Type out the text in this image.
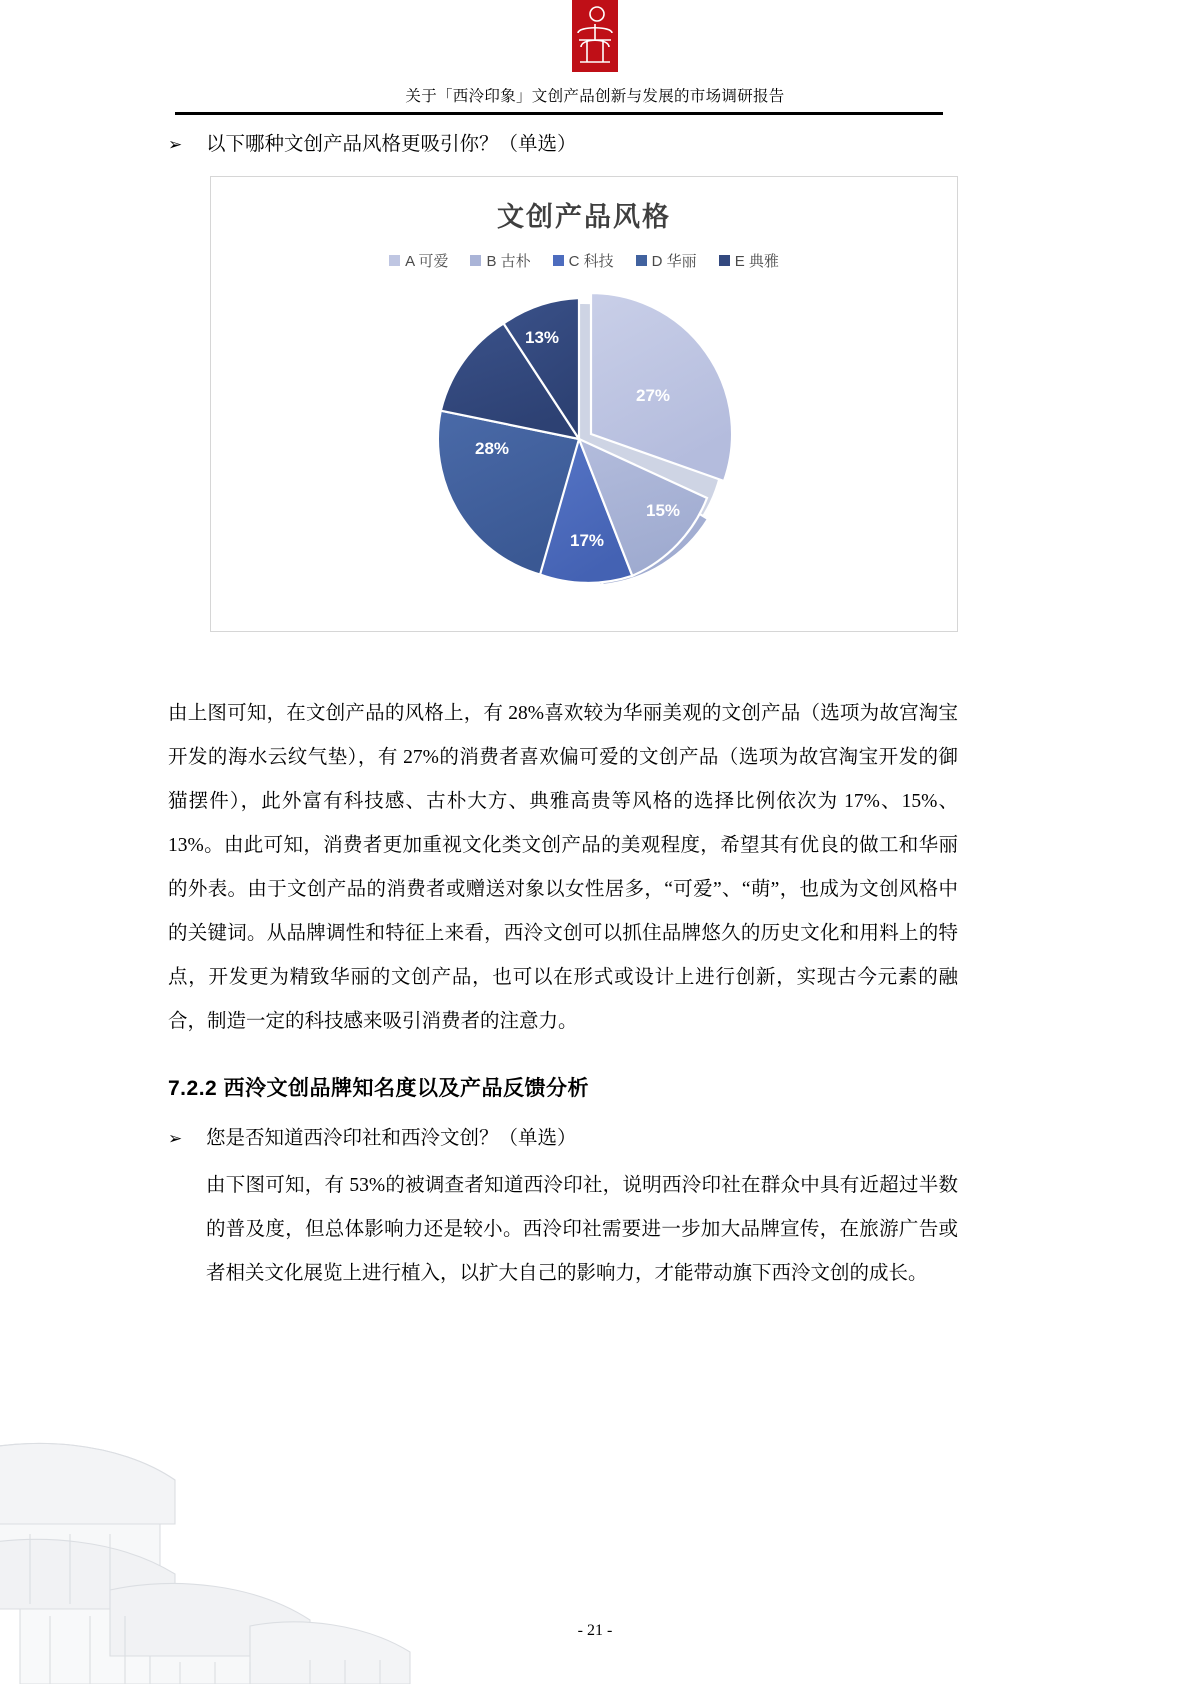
关于「西泠印象」文创产品创新与发展的市场调研报告
➢	以下哪种文创产品风格更吸引你？（单选）
文创产品风格
A 可爱	B 古朴	C 科技	D 华丽	E 典雅
27%
15%
17%
28%
13%

由上图可知，在文创产品的风格上，有 28%喜欢较为华丽美观的文创产品（选项为故宫淘宝开发的海水云纹气垫），有 27%的消费者喜欢偏可爱的文创产品（选项为故宫淘宝开发的御猫摆件），此外富有科技感、古朴大方、典雅高贵等风格的选择比例依次为 17%、15%、13%。由此可知，消费者更加重视文化类文创产品的美观程度，希望其有优良的做工和华丽的外表。由于文创产品的消费者或赠送对象以女性居多，“可爱”、“萌”，也成为文创风格中的关键词。从品牌调性和特征上来看，西泠文创可以抓住品牌悠久的历史文化和用料上的特点，开发更为精致华丽的文创产品，也可以在形式或设计上进行创新，实现古今元素的融合，制造一定的科技感来吸引消费者的注意力。

7.2.2 西泠文创品牌知名度以及产品反馈分析
➢	您是否知道西泠印社和西泠文创？（单选）

由下图可知，有 53%的被调查者知道西泠印社，说明西泠印社在群众中具有近超过半数的普及度，但总体影响力还是较小。西泠印社需要进一步加大品牌宣传，在旅游广告或者相关文化展览上进行植入，以扩大自己的影响力，才能带动旗下西泠文创的成长。

- 21 -
